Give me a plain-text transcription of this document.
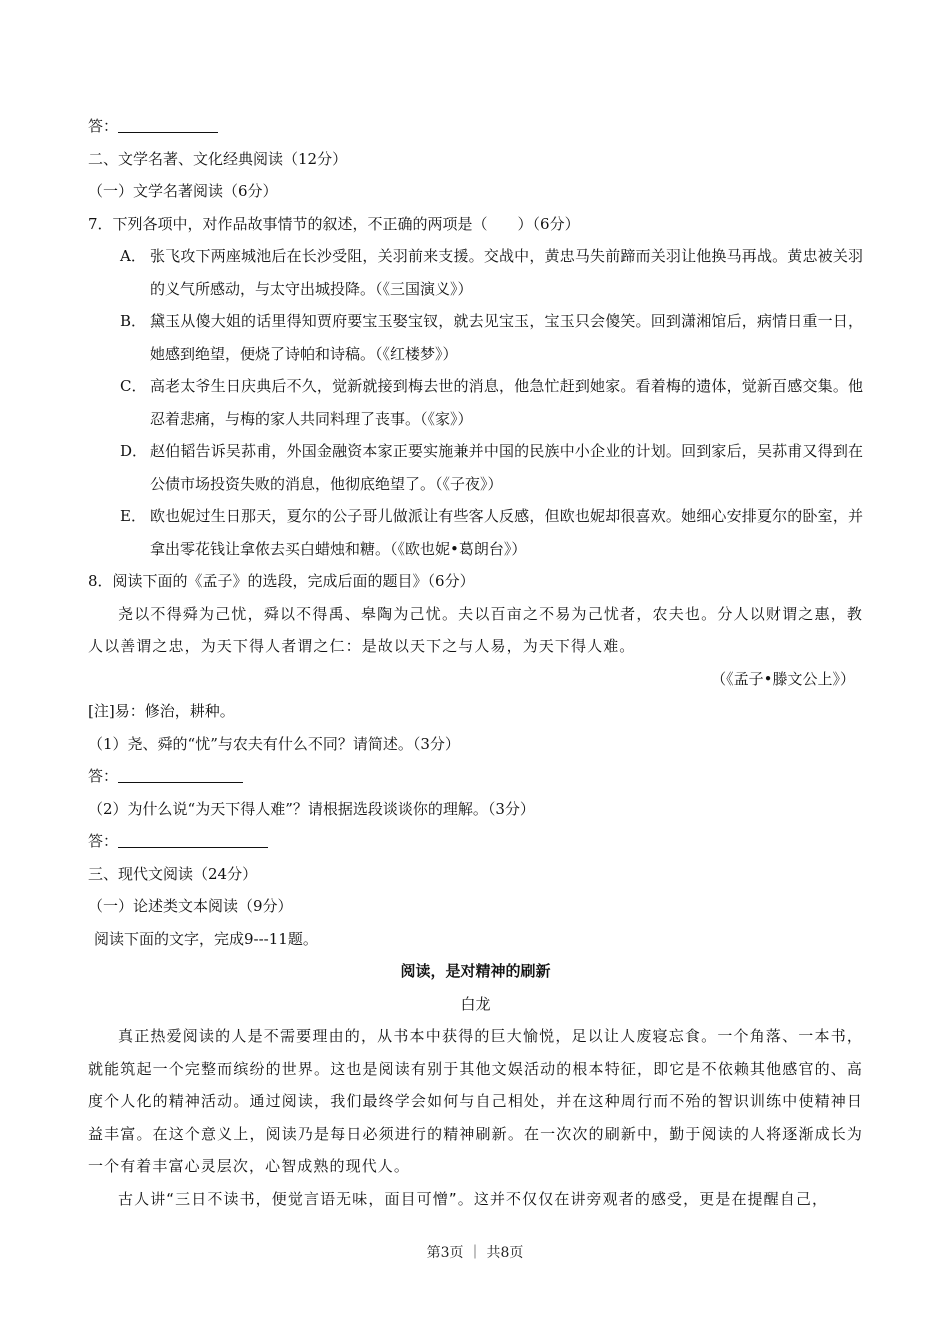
答：
二、文学名著、文化经典阅读（12分）
（一）文学名著阅读（6分）
7．下列各项中，对作品故事情节的叙述，不正确的两项是（　　）（6分）
A． 张飞攻下两座城池后在长沙受阻，关羽前来支援。交战中，黄忠马失前蹄而关羽让他换马再战。黄忠被关羽的义气所感动，与太守出城投降。（《三国演义》）
B． 黛玉从傻大姐的话里得知贾府要宝玉娶宝钗，就去见宝玉，宝玉只会傻笑。回到潇湘馆后，病情日重一日，她感到绝望，便烧了诗帕和诗稿。（《红楼梦》）
C． 高老太爷生日庆典后不久，觉新就接到梅去世的消息，他急忙赶到她家。看着梅的遗体，觉新百感交集。他忍着悲痛，与梅的家人共同料理了丧事。（《家》）
D． 赵伯韬告诉吴荪甫，外国金融资本家正要实施兼并中国的民族中小企业的计划。回到家后，吴荪甫又得到在公债市场投资失败的消息，他彻底绝望了。（《子夜》）
E． 欧也妮过生日那天，夏尔的公子哥儿做派让有些客人反感，但欧也妮却很喜欢。她细心安排夏尔的卧室，并拿出零花钱让拿侬去买白蜡烛和糖。（《欧也妮•葛朗台》）
8．阅读下面的《孟子》的选段，完成后面的题目》（6分）
尧以不得舜为己忧，舜以不得禹、皋陶为己忧。夫以百亩之不易为己忧者，农夫也。分人以财谓之惠，教人以善谓之忠，为天下得人者谓之仁：是故以天下之与人易，为天下得人难。
（《孟子•滕文公上》）
[注]易：修治，耕种。
（1）尧、舜的“忧”与农夫有什么不同？请简述。（3分）
答：
（2）为什么说“为天下得人难”？请根据选段谈谈你的理解。（3分）
答：
三、现代文阅读（24分）
（一）论述类文本阅读（9分）
阅读下面的文字，完成9---11题。
阅读，是对精神的刷新
白龙
真正热爱阅读的人是不需要理由的，从书本中获得的巨大愉悦，足以让人废寝忘食。一个角落、一本书，就能筑起一个完整而缤纷的世界。这也是阅读有别于其他文娱活动的根本特征，即它是不依赖其他感官的、高度个人化的精神活动。通过阅读，我们最终学会如何与自己相处，并在这种周行而不殆的智识训练中使精神日益丰富。在这个意义上，阅读乃是每日必须进行的精神刷新。在一次次的刷新中，勤于阅读的人将逐渐成长为一个有着丰富心灵层次，心智成熟的现代人。
古人讲“三日不读书，便觉言语无味，面目可憎”。这并不仅仅在讲旁观者的感受，更是在提醒自己，
第3页 ｜ 共8页
